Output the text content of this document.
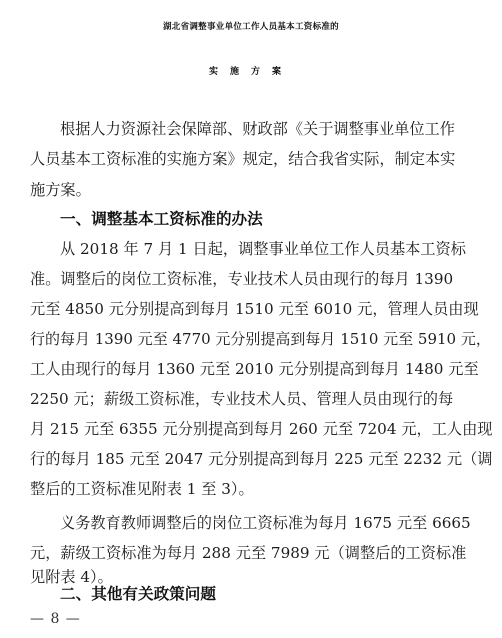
湖北省调整事业单位工作人员基本工资标准的
实施方案
根据人力资源社会保障部、财政部《关于调整事业单位工作
人员基本工资标准的实施方案》规定，结合我省实际，制定本实
施方案。
一、调整基本工资标准的办法
从 2018 年 7 月 1 日起，调整事业单位工作人员基本工资标
准。调整后的岗位工资标准，专业技术人员由现行的每月 1390
元至 4850 元分别提高到每月 1510 元至 6010 元，管理人员由现
行的每月 1390 元至 4770 元分别提高到每月 1510 元至 5910 元，
工人由现行的每月 1360 元至 2010 元分别提高到每月 1480 元至
2250 元；薪级工资标准，专业技术人员、管理人员由现行的每
月 215 元至 6355 元分别提高到每月 260 元至 7204 元，工人由现
行的每月 185 元至 2047 元分别提高到每月 225 元至 2232 元（调
整后的工资标准见附表 1 至 3）。
义务教育教师调整后的岗位工资标准为每月 1675 元至 6665
元，薪级工资标准为每月 288 元至 7989 元（调整后的工资标准
见附表 4）。
二、其他有关政策问题
— 8 —
